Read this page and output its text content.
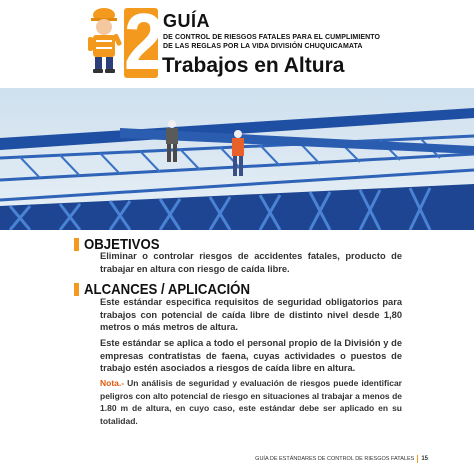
2
GUÍA
DE CONTROL DE RIESGOS FATALES PARA EL CUMPLIMIENTO
DE LAS REGLAS POR LA VIDA DIVISIÓN CHUQUICAMATA
Trabajos en Altura
OBJETIVOS
Eliminar o controlar riesgos de accidentes fatales, producto de trabajar en altura con riesgo de caída libre.
ALCANCES / APLICACIÓN
Este estándar especifica requisitos de seguridad obligatorios para trabajos con potencial de caída libre de distinto nivel desde 1,80 metros o más metros de altura.
Este estándar se aplica a todo el personal propio de la División y de empresas contratistas de faena, cuyas actividades o puestos de trabajo estén asociados a riesgos de caída libre en altura.
Nota.- Un análisis de seguridad y evaluación de riesgos puede identificar peligros con alto potencial de riesgo en situaciones al trabajar a menos de 1.80 m de altura, en cuyo caso, este estándar debe ser aplicado en su totalidad.
GUÍA DE ESTÁNDARES DE CONTROL DE RIESGOS FATALES 15
